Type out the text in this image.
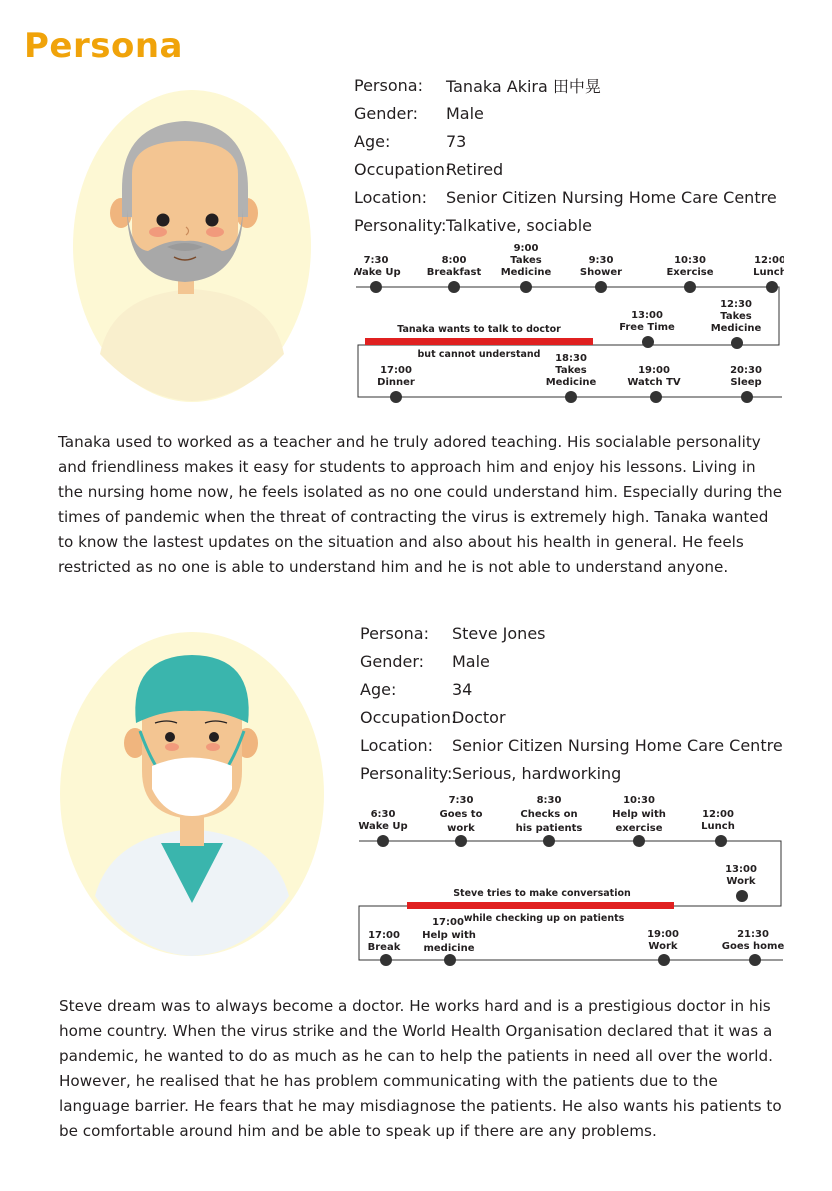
Persona
Persona:	Tanaka Akira 田中晃
Gender:	Male
Age:	73
Occupation:
Retired
Location:	Senior Citizen Nursing Home Care Centre
Personality: Talkative, sociable
Tanaka wants to talk to doctor
but cannot understand
7:30
Wake Up
8:00
Breakfast
9:00
Takes
Medicine
9:30
Shower
10:30
Exercise
12:00
Lunch
13:00
Free Time
12:30
Takes
Medicine
17:00
Dinner
18:30
Takes
Medicine
19:00
Watch TV
20:30
Sleep

Tanaka used to worked as a teacher and he truly adored teaching. His socialable personality and friendliness makes it easy for students to approach him and enjoy his lessons. Living in the nursing home now, he feels isolated as no one could understand him. Especially during the times of pandemic when the threat of contracting the virus is extremely high. Tanaka wanted to know the lastest updates on the situation and also about his health in general. He feels restricted as no one is able to understand him and he is not able to understand anyone.

Persona:	Steve Jones
Gender:	Male
Age:	34
Occupation:
Doctor
Location:	Senior Citizen Nursing Home Care Centre
Personality: Serious, hardworking
Steve tries to make conversation
while checking up on patients
6:30
Wake Up
7:30
Goes to
work
8:30
Checks on
his patients
10:30
Help with
exercise
12:00
Lunch
13:00
Work
17:00
Break
17:00
Help with
medicine
19:00
Work
21:30
Goes home

Steve dream was to always become a doctor. He works hard and is a prestigious doctor in his home country. When the virus strike and the World Health Organisation declared that it was a pandemic, he wanted to do as much as he can to help the patients in need all over the world. However, he realised that he has problem communicating with the patients due to the language barrier. He fears that he may misdiagnose the patients. He also wants his patients to be comfortable around him and be able to speak up if there are any problems.
